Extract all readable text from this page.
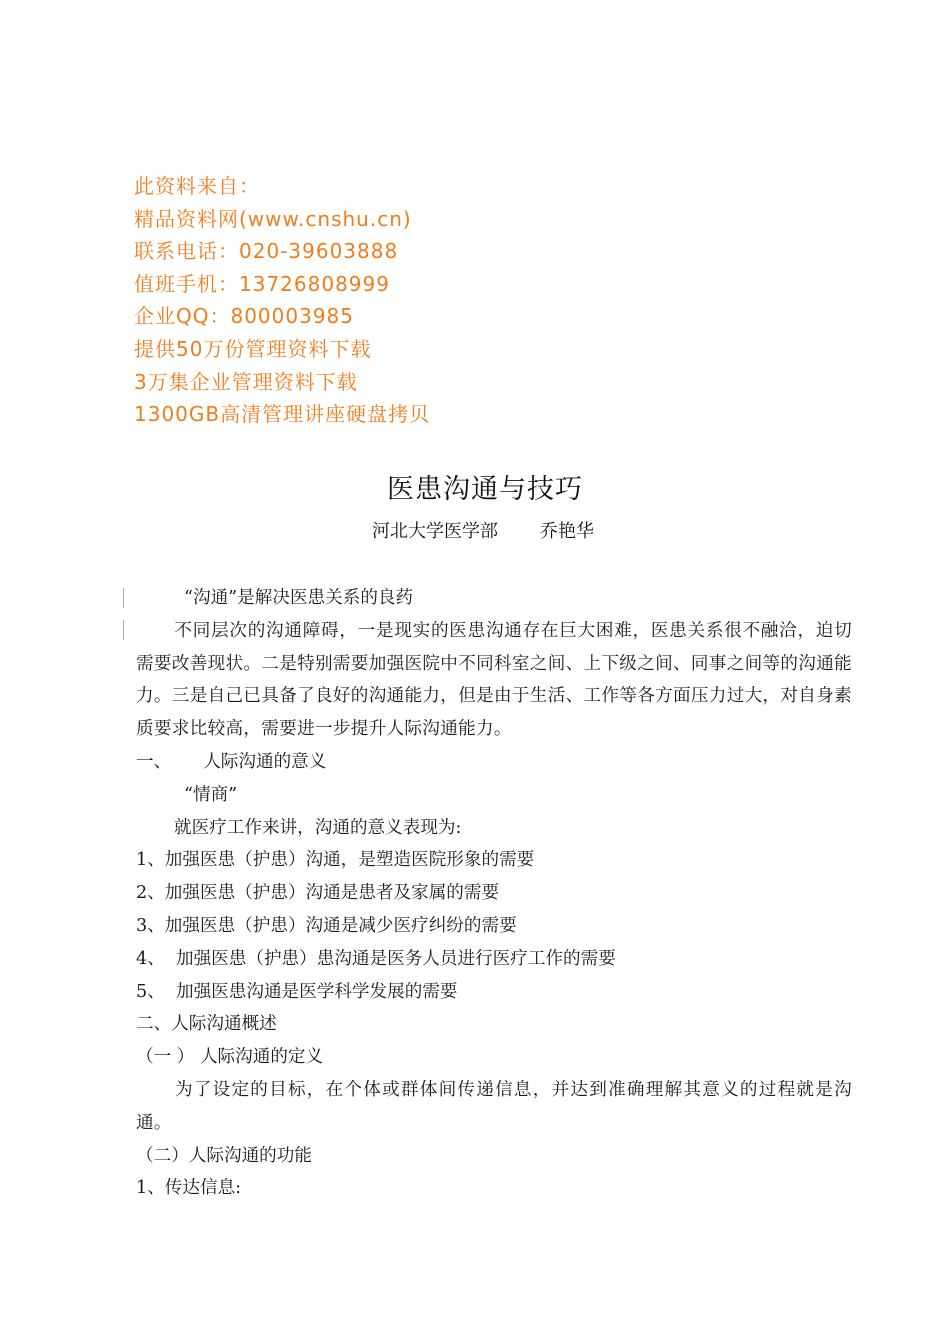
此资料来自：
精品资料网(www.cnshu.cn)
联系电话：020-39603888
值班手机：13726808999
企业QQ：800003985
提供50万份管理资料下载
3万集企业管理资料下载
1300GB高清管理讲座硬盘拷贝
医患沟通与技巧
河北大学医学部 乔艳华
“沟通”是解决医患关系的良药
不同层次的沟通障碍，一是现实的医患沟通存在巨大困难，医患关系很不融洽，迫切需要改善现状。二是特别需要加强医院中不同科室之间、上下级之间、同事之间等的沟通能力。三是自己已具备了良好的沟通能力，但是由于生活、工作等各方面压力过大，对自身素质要求比较高，需要进一步提升人际沟通能力。
一、 人际沟通的意义
“情商”
就医疗工作来讲，沟通的意义表现为:
1、加强医患（护患）沟通，是塑造医院形象的需要
2、加强医患（护患）沟通是患者及家属的需要
3、加强医患（护患）沟通是减少医疗纠纷的需要
4、  加强医患（护患）患沟通是医务人员进行医疗工作的需要
5、  加强医患沟通是医学科学发展的需要
二、人际沟通概述
（一 ） 人际沟通的定义
为了设定的目标，在个体或群体间传递信息，并达到准确理解其意义的过程就是沟通。
（二）人际沟通的功能
1、传达信息:
